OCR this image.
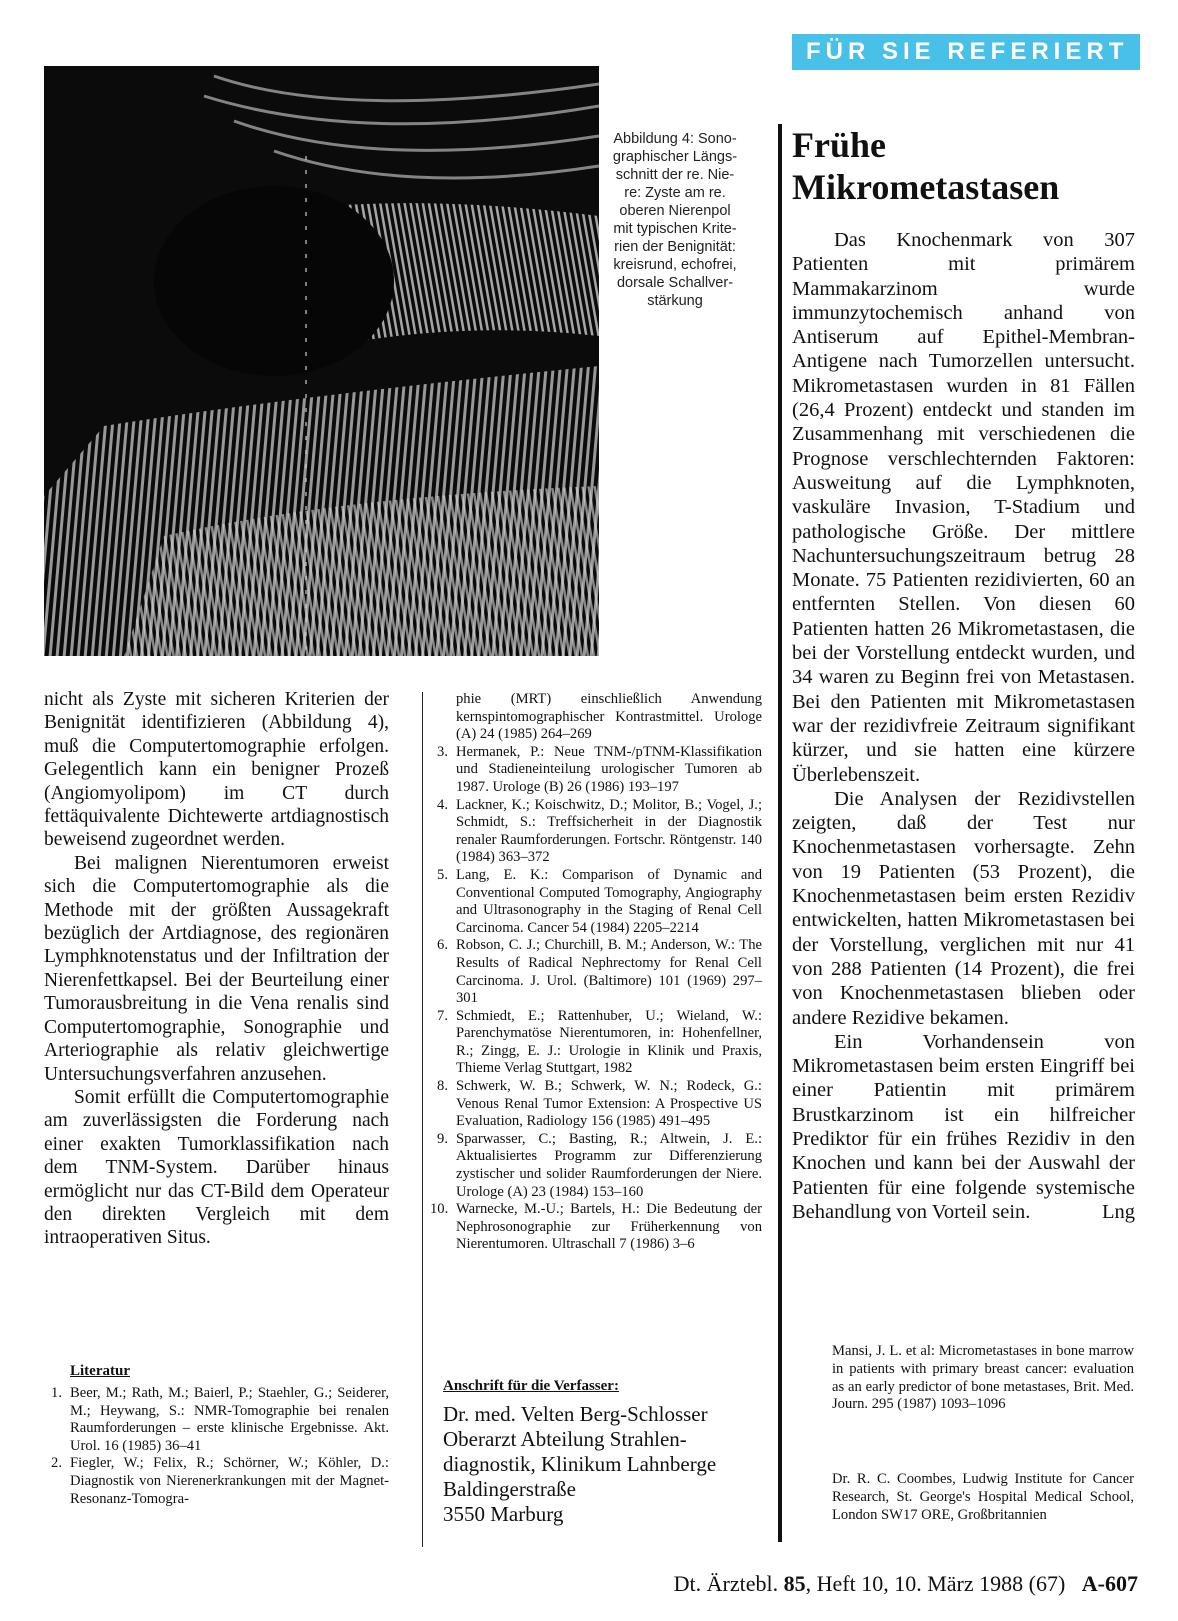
FÜR SIE REFERIERT
Abbildung 4: Sono-
graphischer Längs-
schnitt der re. Nie-
re: Zyste am re.
oberen Nierenpol
mit typischen Krite-
rien der Benignität:
kreisrund, echofrei,
dorsale Schallver-
stärkung
Frühe
Mikrometastasen

nicht als Zyste mit sicheren Kriterien der Benignität identifizieren (Abbildung 4), muß die Computertomographie erfolgen. Gelegentlich kann ein benigner Prozeß (Angiomyolipom) im CT durch fettäquivalente Dichtewerte artdiagnostisch beweisend zugeordnet werden.

Bei malignen Nierentumoren erweist sich die Computertomographie als die Methode mit der größten Aussagekraft bezüglich der Artdiagnose, des regionären Lymphknotenstatus und der Infiltration der Nierenfettkapsel. Bei der Beurteilung einer Tumorausbreitung in die Vena renalis sind Computertomographie, Sonographie und Arteriographie als relativ gleichwertige Untersuchungsverfahren anzusehen.

Somit erfüllt die Computertomographie am zuverlässigsten die Forderung nach einer exakten Tumorklassifikation nach dem TNM-System. Darüber hinaus ermöglicht nur das CT-Bild dem Operateur den direkten Vergleich mit dem intraoperativen Situs.

Literatur
1. Beer, M.; Rath, M.; Baierl, P.; Staehler, G.; Seiderer, M.; Heywang, S.: NMR-Tomographie bei renalen Raumforderungen – erste klinische Ergebnisse. Akt. Urol. 16 (1985) 36–41
2. Fiegler, W.; Felix, R.; Schörner, W.; Köhler, D.: Diagnostik von Nierenerkrankungen mit der Magnet-Resonanz-Tomogra-

phie (MRT) einschließlich Anwendung kernspintomographischer Kontrastmittel. Urologe (A) 24 (1985) 264–269

3. Hermanek, P.: Neue TNM-/pTNM-Klassifikation und Stadieneinteilung urologischer Tumoren ab 1987. Urologe (B) 26 (1986) 193–197
4. Lackner, K.; Koischwitz, D.; Molitor, B.; Vogel, J.; Schmidt, S.: Treffsicherheit in der Diagnostik renaler Raumforderungen. Fortschr. Röntgenstr. 140 (1984) 363–372
5. Lang, E. K.: Comparison of Dynamic and Conventional Computed Tomography, Angiography and Ultrasonography in the Staging of Renal Cell Carcinoma. Cancer 54 (1984) 2205–2214
6. Robson, C. J.; Churchill, B. M.; Anderson, W.: The Results of Radical Nephrectomy for Renal Cell Carcinoma. J. Urol. (Baltimore) 101 (1969) 297–301
7. Schmiedt, E.; Rattenhuber, U.; Wieland, W.: Parenchymatöse Nierentumoren, in: Hohenfellner, R.; Zingg, E. J.: Urologie in Klinik und Praxis, Thieme Verlag Stuttgart, 1982
8. Schwerk, W. B.; Schwerk, W. N.; Rodeck, G.: Venous Renal Tumor Extension: A Prospective US Evaluation, Radiology 156 (1985) 491–495
9. Sparwasser, C.; Basting, R.; Altwein, J. E.: Aktualisiertes Programm zur Differenzierung zystischer und solider Raumforderungen der Niere. Urologe (A) 23 (1984) 153–160
10. Warnecke, M.-U.; Bartels, H.: Die Bedeutung der Nephrosonographie zur Früherkennung von Nierentumoren. Ultraschall 7 (1986) 3–6
Anschrift für die Verfasser:
Dr. med. Velten Berg-Schlosser
Oberarzt Abteilung Strahlen-
diagnostik, Klinikum Lahnberge
Baldingerstraße
3550 Marburg

Das Knochenmark von 307 Patienten mit primärem Mammakarzinom wurde immunzytochemisch anhand von Antiserum auf Epithel-Membran-Antigene nach Tumorzellen untersucht. Mikrometastasen wurden in 81 Fällen (26,4 Prozent) entdeckt und standen im Zusammenhang mit verschiedenen die Prognose verschlechternden Faktoren: Ausweitung auf die Lymphknoten, vaskuläre Invasion, T-Stadium und pathologische Größe. Der mittlere Nachuntersuchungszeitraum betrug 28 Monate. 75 Patienten rezidivierten, 60 an entfernten Stellen. Von diesen 60 Patienten hatten 26 Mikrometastasen, die bei der Vorstellung entdeckt wurden, und 34 waren zu Beginn frei von Metastasen. Bei den Patienten mit Mikrometastasen war der rezidivfreie Zeitraum signifikant kürzer, und sie hatten eine kürzere Überlebenszeit.

Die Analysen der Rezidivstellen zeigten, daß der Test nur Knochenmetastasen vorhersagte. Zehn von 19 Patienten (53 Prozent), die Knochenmetastasen beim ersten Rezidiv entwickelten, hatten Mikrometastasen bei der Vorstellung, verglichen mit nur 41 von 288 Patienten (14 Prozent), die frei von Knochenmetastasen blieben oder andere Rezidive bekamen.

Ein Vorhandensein von Mikrometastasen beim ersten Eingriff bei einer Patientin mit primärem Brustkarzinom ist ein hilfreicher Prediktor für ein frühes Rezidiv in den Knochen und kann bei der Auswahl der Patienten für eine folgende systemische Behandlung von Vorteil sein.	Lng

Mansi, J. L. et al: Micrometastases in bone marrow in patients with primary breast cancer: evaluation as an early predictor of bone metastases, Brit. Med. Journ. 295 (1987) 1093–1096

Dr. R. C. Coombes, Ludwig Institute for Cancer Research, St. George's Hospital Medical School, London SW17 ORE, Großbritannien

Dt. Ärztebl. 85, Heft 10, 10. März 1988 (67) A-607
